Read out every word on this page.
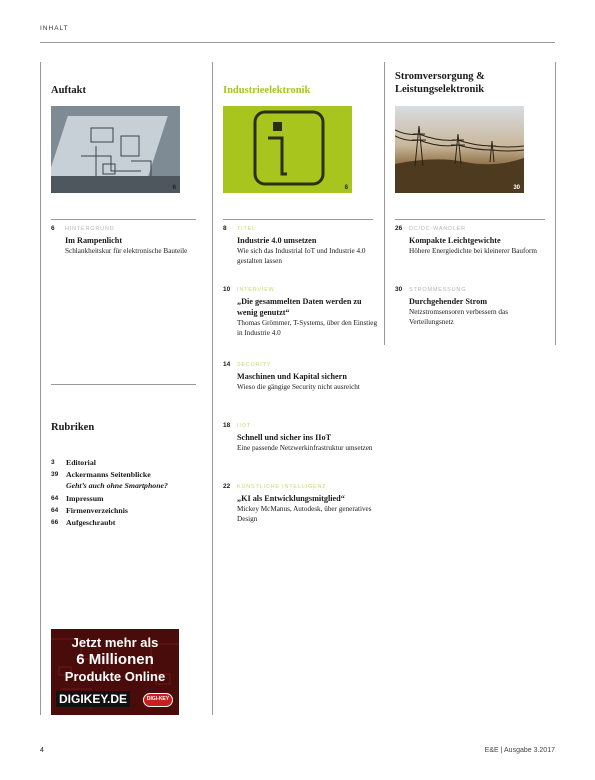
INHALT
Auftakt
6
6 HINTERGRUND
Im Rampenlicht
Schlankheitskur für elektronische Bauteile
Rubriken
3 Editorial
39 Ackermanns Seitenblicke
Geht’s auch ohne Smartphone?
64 Impressum
64 Firmenverzeichnis
66 Aufgeschraubt
Jetzt mehr als
6 Millionen
Produkte Online
DIGIKEY.DE	DIGI-KEY
Industrieelektronik
8
8 TITEL
Industrie 4.0 umsetzen
Wie sich das Industrial IoT und Industrie 4.0 gestalten lassen
10 INTERVIEW
„Die gesammelten Daten werden zu wenig genutzt“
Thomas Grömmer, T-Systems, über den Einstieg in Industrie 4.0
14 SECURITY
Maschinen und Kapital sichern
Wieso die gängige Security nicht ausreicht
18 IIOT
Schnell und sicher ins IIoT
Eine passende Netzwerkinfrastruktur umsetzen
22 KÜNSTLICHE INTELLIGENZ
„KI als Entwicklungsmitglied“
Mickey McManus, Autodesk, über generatives Design
Stromversorgung &
Leistungselektronik
30
26 DC/DC-WANDLER
Kompakte Leichtgewichte
Höhere Energiedichte bei kleinerer Bauform
30 STROMMESSUNG
Durchgehender Strom
Netzstromsensoren verbessern das Verteilungsnetz
4	E&E | Ausgabe 3.2017
